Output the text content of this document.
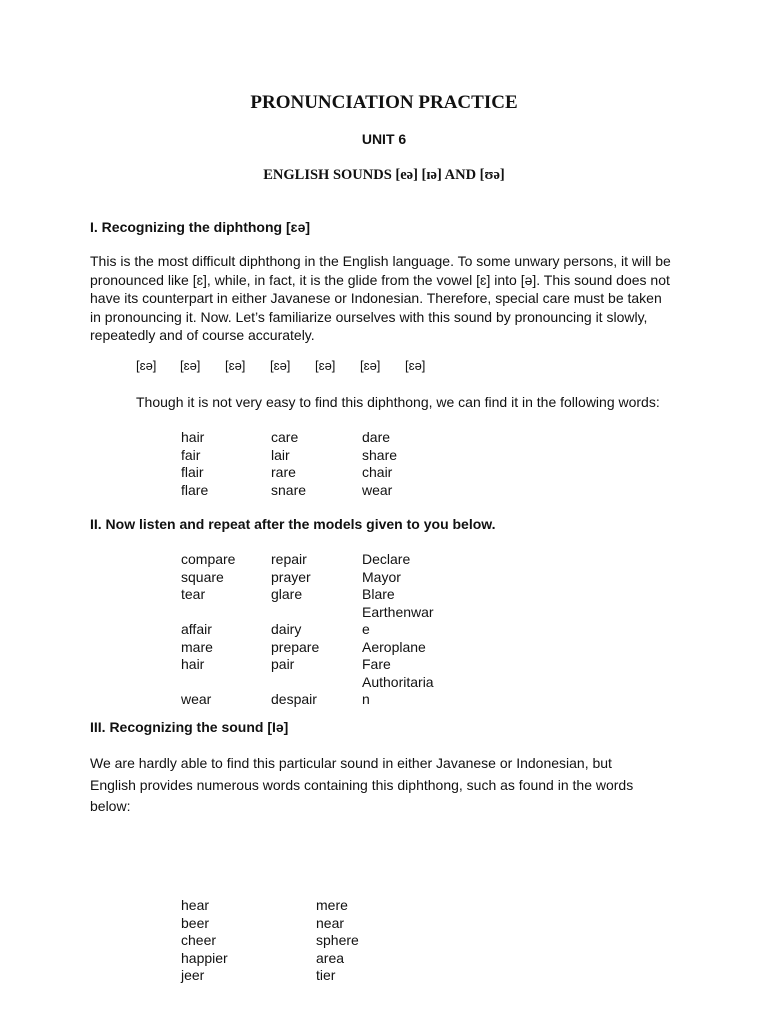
PRONUNCIATION PRACTICE
UNIT 6
ENGLISH SOUNDS [eə] [ɪə] AND [ʊə]
I. Recognizing the diphthong [ɛə]
This is the most difficult diphthong in the English language. To some unwary persons, it will be
pronounced like [ɛ], while, in fact, it is the glide from the vowel [ɛ] into [ə]. This sound does not
have its counterpart in either Javanese or Indonesian. Therefore, special care must be taken
in pronouncing it. Now. Let’s familiarize ourselves with this sound by pronouncing it slowly,
repeatedly and of course accurately.
[ɛə] [ɛə] [ɛə] [ɛə] [ɛə] [ɛə] [ɛə]
Though it is not very easy to find this diphthong, we can find it in the following words:
hair
fair
flair
flare
care
lair
rare
snare
dare
share
chair
wear
II. Now listen and repeat after the models given to you below.
compare
square
tear

affair
mare
hair

wear
repair
prayer
glare

dairy
prepare
pair

despair
Declare
Mayor
Blare
Earthenwar
e
Aeroplane
Fare
Authoritaria
n
III. Recognizing the sound [Iə]
We are hardly able to find this particular sound in either Javanese or Indonesian, but
English provides numerous words containing this diphthong, such as found in the words
below:
hear
beer
cheer
happier
jeer
mere
near
sphere
area
tier
